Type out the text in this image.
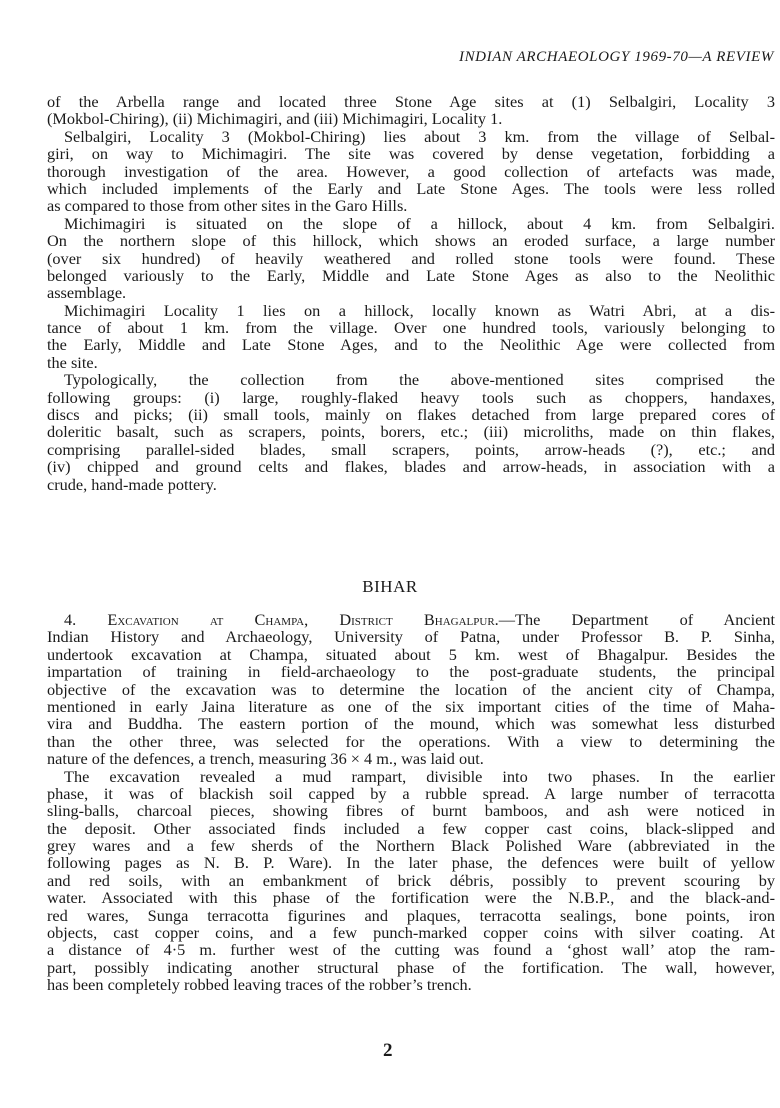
INDIAN ARCHAEOLOGY 1969-70—A REVIEW
of the Arbella range and located three Stone Age sites at (1) Selbalgiri, Locality 3
(Mokbol-Chiring), (ii) Michimagiri, and (iii) Michimagiri, Locality 1.
Selbalgiri, Locality 3 (Mokbol-Chiring) lies about 3 km. from the village of Selbal-
giri, on way to Michimagiri. The site was covered by dense vegetation, forbidding a
thorough investigation of the area. However, a good collection of artefacts was made,
which included implements of the Early and Late Stone Ages. The tools were less rolled
as compared to those from other sites in the Garo Hills.
Michimagiri is situated on the slope of a hillock, about 4 km. from Selbalgiri.
On the northern slope of this hillock, which shows an eroded surface, a large number
(over six hundred) of heavily weathered and rolled stone tools were found. These
belonged variously to the Early, Middle and Late Stone Ages as also to the Neolithic
assemblage.
Michimagiri Locality 1 lies on a hillock, locally known as Watri Abri, at a dis-
tance of about 1 km. from the village. Over one hundred tools, variously belonging to
the Early, Middle and Late Stone Ages, and to the Neolithic Age were collected from
the site.
Typologically, the collection from the above-mentioned sites comprised the
following groups: (i) large, roughly-flaked heavy tools such as choppers, handaxes,
discs and picks; (ii) small tools, mainly on flakes detached from large prepared cores of
doleritic basalt, such as scrapers, points, borers, etc.; (iii) microliths, made on thin flakes,
comprising parallel-sided blades, small scrapers, points, arrow-heads (?), etc.; and
(iv) chipped and ground celts and flakes, blades and arrow-heads, in association with a
crude, hand-made pottery.
BIHAR
4. Excavation at Champa, District Bhagalpur.—The Department of Ancient
Indian History and Archaeology, University of Patna, under Professor B. P. Sinha,
undertook excavation at Champa, situated about 5 km. west of Bhagalpur. Besides the
impartation of training in field-archaeology to the post-graduate students, the principal
objective of the excavation was to determine the location of the ancient city of Champa,
mentioned in early Jaina literature as one of the six important cities of the time of Maha-
vira and Buddha. The eastern portion of the mound, which was somewhat less disturbed
than the other three, was selected for the operations. With a view to determining the
nature of the defences, a trench, measuring 36 × 4 m., was laid out.
The excavation revealed a mud rampart, divisible into two phases. In the earlier
phase, it was of blackish soil capped by a rubble spread. A large number of terracotta
sling-balls, charcoal pieces, showing fibres of burnt bamboos, and ash were noticed in
the deposit. Other associated finds included a few copper cast coins, black-slipped and
grey wares and a few sherds of the Northern Black Polished Ware (abbreviated in the
following pages as N. B. P. Ware). In the later phase, the defences were built of yellow
and red soils, with an embankment of brick débris, possibly to prevent scouring by
water. Associated with this phase of the fortification were the N.B.P., and the black-and-
red wares, Sunga terracotta figurines and plaques, terracotta sealings, bone points, iron
objects, cast copper coins, and a few punch-marked copper coins with silver coating. At
a distance of 4·5 m. further west of the cutting was found a ‘ghost wall’ atop the ram-
part, possibly indicating another structural phase of the fortification. The wall, however,
has been completely robbed leaving traces of the robber’s trench.
2
